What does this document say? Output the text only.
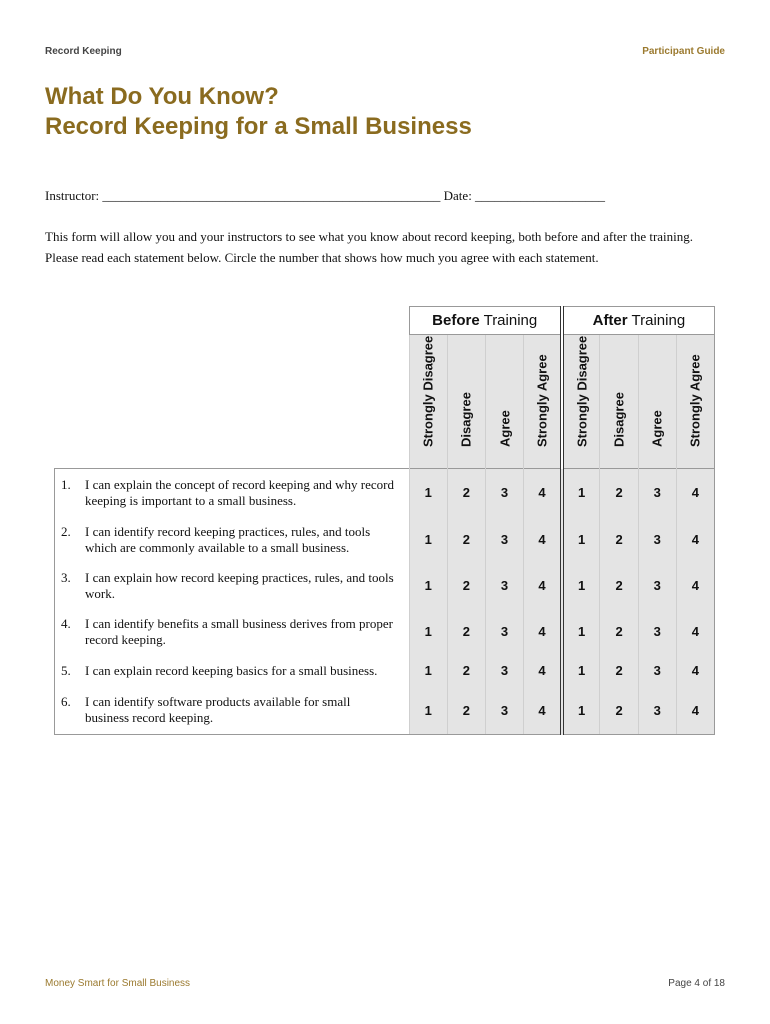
Record Keeping	Participant Guide
What Do You Know?
Record Keeping for a Small Business
Instructor: ____________________________________________________ Date: ____________________

This form will allow you and your instructors to see what you know about record keeping, both before and after the training. Please read each statement below. Circle the number that shows how much you agree with each statement.

	Before Training				After Training			

	Strongly Disagree	Disagree	Agree	Strongly Agree	Strongly Disagree	Disagree	Agree	Strongly Agree

1. I can explain the concept of record keeping and why record keeping is important to a small business.	1	2	3	4	1	2	3	4
2. I can identify record keeping practices, rules, and tools which are commonly available to a small business.	1	2	3	4	1	2	3	4
3. I can explain how record keeping practices, rules, and tools work.	1	2	3	4	1	2	3	4
4. I can identify benefits a small business derives from proper record keeping.	1	2	3	4	1	2	3	4
5. I can explain record keeping basics for a small business.	1	2	3	4	1	2	3	4
6. I can identify software products available for small business record keeping.	1	2	3	4	1	2	3	4
Money Smart for Small Business	Page 4 of 18
